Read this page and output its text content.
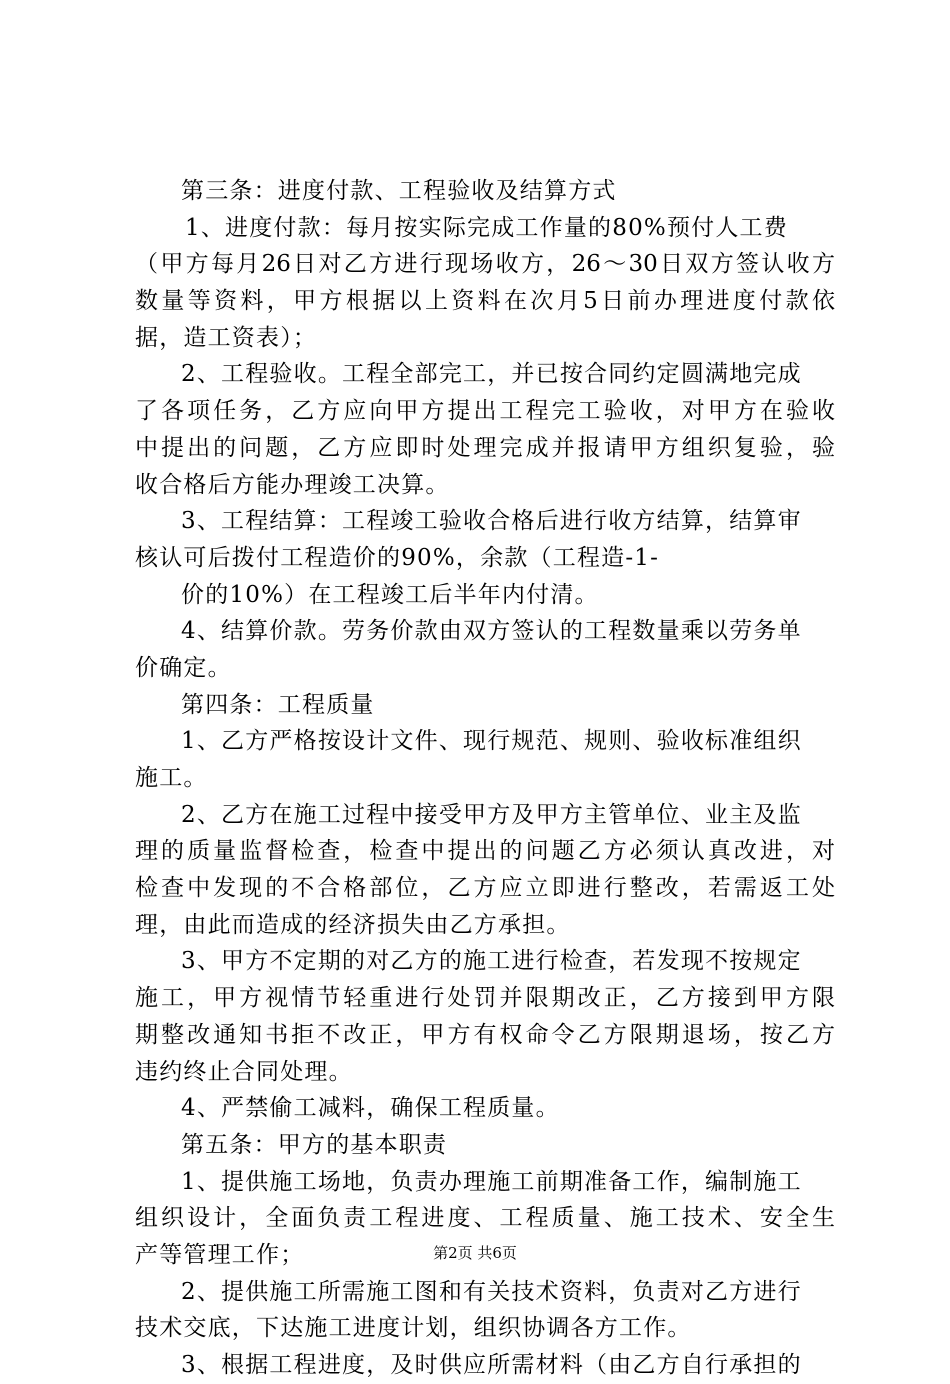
第三条：进度付款、工程验收及结算方式
1、进度付款：每月按实际完成工作量的80%预付人工费
（甲方每月26日对乙方进行现场收方，26～30日双方签认收方
数量等资料，甲方根据以上资料在次月5日前办理进度付款依
据，造工资表）；
2、工程验收。工程全部完工，并已按合同约定圆满地完成
了各项任务，乙方应向甲方提出工程完工验收，对甲方在验收
中提出的问题，乙方应即时处理完成并报请甲方组织复验，验
收合格后方能办理竣工决算。
3、工程结算：工程竣工验收合格后进行收方结算，结算审
核认可后拨付工程造价的90%，余款（工程造-1-
价的10%）在工程竣工后半年内付清。
4、结算价款。劳务价款由双方签认的工程数量乘以劳务单
价确定。
第四条：工程质量
1、乙方严格按设计文件、现行规范、规则、验收标准组织
施工。
2、乙方在施工过程中接受甲方及甲方主管单位、业主及监
理的质量监督检查，检查中提出的问题乙方必须认真改进，对
检查中发现的不合格部位，乙方应立即进行整改，若需返工处
理，由此而造成的经济损失由乙方承担。
3、甲方不定期的对乙方的施工进行检查，若发现不按规定
施工，甲方视情节轻重进行处罚并限期改正，乙方接到甲方限
期整改通知书拒不改正，甲方有权命令乙方限期退场，按乙方
违约终止合同处理。
4、严禁偷工减料，确保工程质量。
第五条：甲方的基本职责
1、提供施工场地，负责办理施工前期准备工作，编制施工
组织设计，全面负责工程进度、工程质量、施工技术、安全生
产等管理工作；
2、提供施工所需施工图和有关技术资料，负责对乙方进行
技术交底，下达施工进度计划，组织协调各方工作。
3、根据工程进度，及时供应所需材料（由乙方自行承担的
第2页 共6页
